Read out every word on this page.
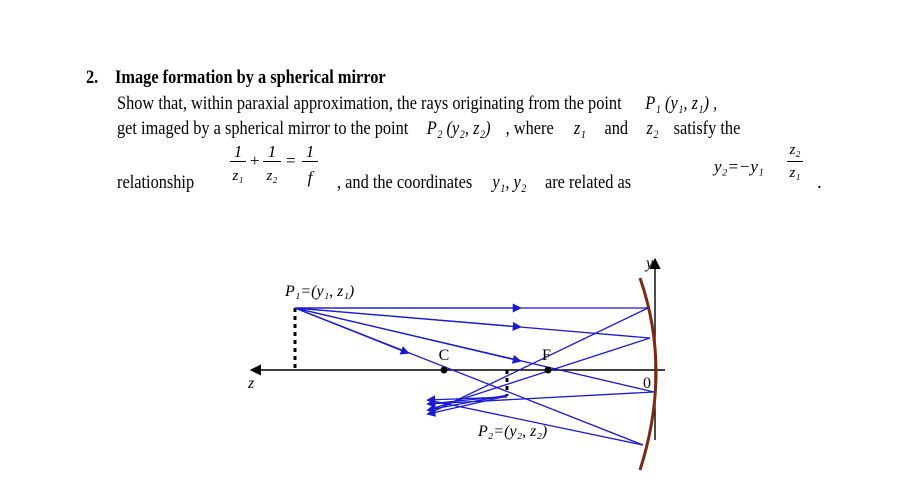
2. Image formation by a spherical mirror
Show that, within paraxial approximation, the rays originating from the point P₁ (y₁, z₁) ,
get imaged by a spherical mirror to the point P₂ (y₂, z₂) , where z₁ and z₂ satisfy the
relationship
1
z₁
+ 1
z₂
= 1
f , and the coordinates y₁, y₂ are related as
y₂=−y₁
z₂
z₁ .
C	F
P₁=(y₁, z₁)
P₂=(y₂, z₂)
y
z	0
